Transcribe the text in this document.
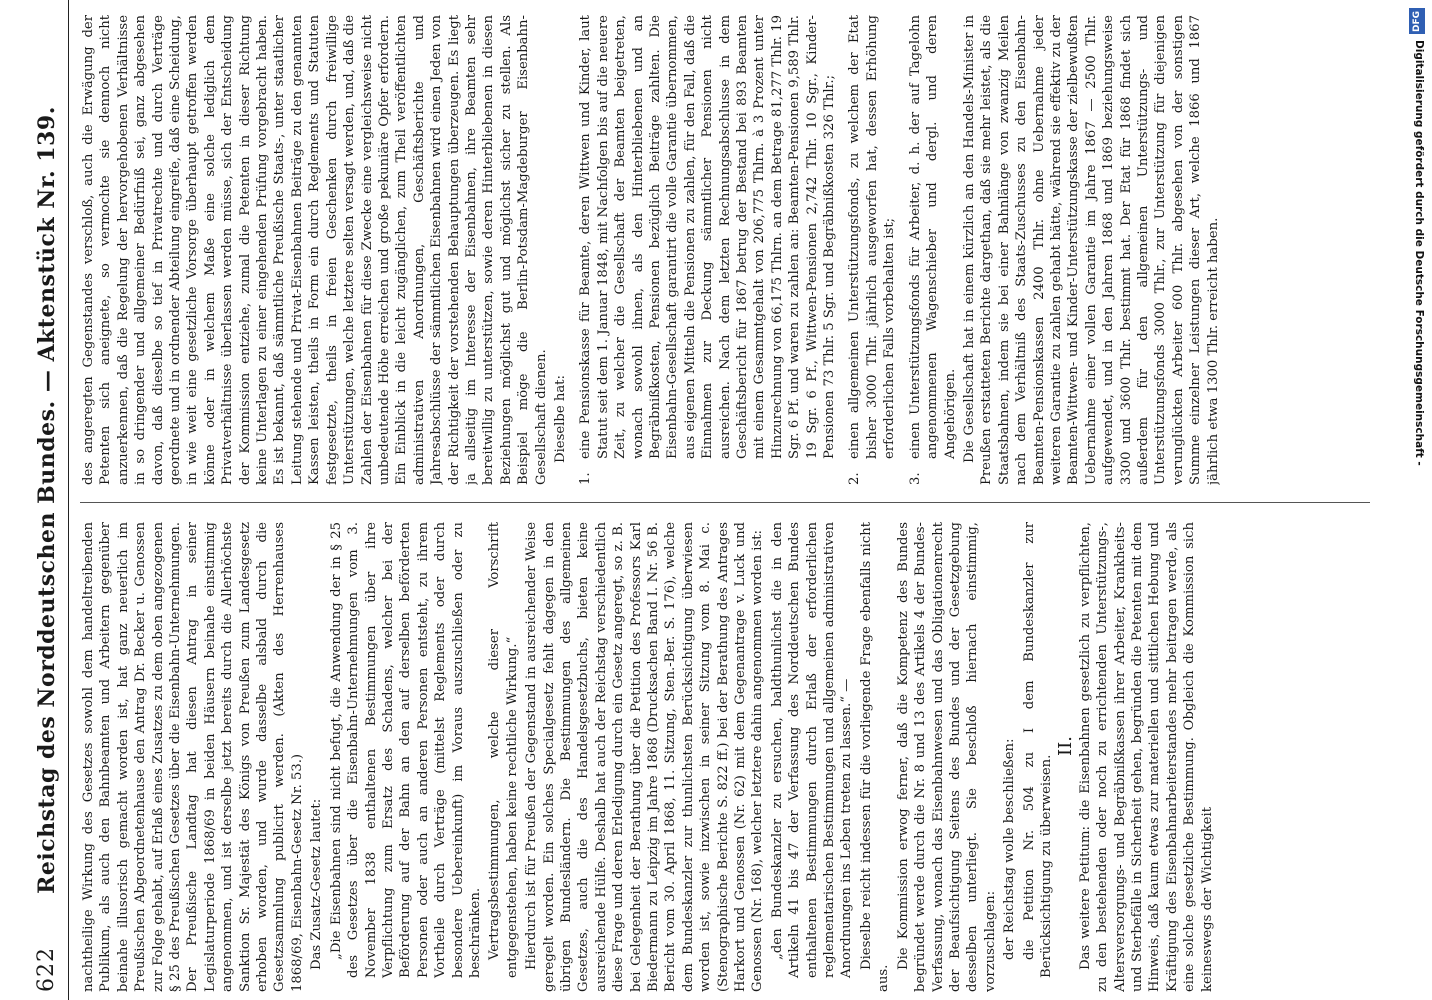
622
Reichstag des Norddeutschen Bundes. — Aktenstück Nr. 139. nachtheilige Wirkung des Gesetzes sowohl dem handeltreibenden Publikum, als auch den Bahnbeamten und Arbeitern gegenüber beinahe illusorisch gemacht worden ist, hat ganz neuerlich im Preußischen Abgeordnetenhause den Antrag Dr. Becker u. Genossen zur Folge gehabt, auf Erlaß eines Zusatzes zu dem oben angezogenen § 25 des Preußischen Gesetzes über die Eisenbahn-Unternehmungen. Der Preußische Landtag hat diesen Antrag in seiner Legislaturperiode 1868/69 in beiden Häusern beinahe einstimmig angenommen, und ist derselbe jetzt bereits durch die Allerhöchste Sanktion Sr. Majestät des Königs von Preußen zum Landesgesetz erhoben worden, und wurde dasselbe alsbald durch die Gesetzsammlung publicirt werden. (Akten des Herrenhauses 1868/69, Eisenbahn-Gesetz Nr. 53.) Das Zusatz-Gesetz lautet: „Die Eisenbahnen sind nicht befugt, die Anwendung der in § 25 des Gesetzes über die Eisenbahn-Unternehmungen vom 3. November 1838 enthaltenen Bestimmungen über ihre Verpflichtung zum Ersatz des Schadens, welcher bei der Beförderung auf der Bahn an den auf derselben beförderten Personen oder auch an anderen Personen entsteht, zu ihrem Vortheile durch Verträge (mittelst Reglements oder durch besondere Uebereinkunft) im Voraus auszuschließen oder zu beschränken. Vertragsbestimmungen, welche dieser Vorschrift entgegenstehen, haben keine rechtliche Wirkung.“ Hierdurch ist für Preußen der Gegenstand in ausreichender Weise geregelt worden. Ein solches Specialgesetz fehlt dagegen in den übrigen Bundesländern. Die Bestimmungen des allgemeinen Gesetzes, auch die des Handelsgesetzbuchs, bieten keine ausreichende Hülfe. Deshalb hat auch der Reichstag verschiedentlich diese Frage und deren Erledigung durch ein Gesetz angeregt, so z. B. bei Gelegenheit der Berathung über die Petition des Professors Karl Biedermann zu Leipzig im Jahre 1868 (Drucksachen Band I. Nr. 56 B. Bericht vom 30. April 1868, 11. Sitzung, Sten.-Ber. S. 176), welche dem Bundeskanzler zur thunlichsten Berücksichtigung überwiesen worden ist, sowie inzwischen in seiner Sitzung vom 8. Mai c. (Stenographische Berichte S. 822 ff.) bei der Berathung des Antrages Harkort und Genossen (Nr. 62) mit dem Gegenantrage v. Luck und Genossen (Nr. 168), welcher letztere dahin angenommen worden ist: „den Bundeskanzler zu ersuchen, baldthunlichst die in den Artikeln 41 bis 47 der Verfassung des Norddeutschen Bundes enthaltenen Bestimmungen durch Erlaß der erforderlichen reglementarischen Bestimmungen und allgemeinen administrativen Anordnungen ins Leben treten zu lassen.“ — Dieselbe reicht indessen für die vorliegende Frage ebenfalls nicht aus.

Die Kommission erwog ferner, daß die Kompetenz des Bundes begründet werde durch die Nr. 8 und 13 des Artikels 4 der Bundes-Verfassung, wonach das Eisenbahnwesen und das Obligationenrecht der Beaufsichtigung Seitens des Bundes und der Gesetzgebung desselben unterliegt. Sie beschloß hiernach einstimmig, vorzuschlagen: der Reichstag wolle beschließen: die Petition Nr. 504 zu I dem Bundeskanzler zur Berücksichtigung zu überweisen.

II. Das weitere Petitum: die Eisenbahnen gesetzlich zu verpflichten, zu den bestehenden oder noch zu errichtenden Unterstützungs-, Altersversorgungs- und Begräbnißkassen ihrer Arbeiter, Krankheits- und Sterbefälle in Sicherheit gehen, begründen die Petenten mit dem Hinweis, daß kaum etwas zur materiellen und sittlichen Hebung und Kräftigung des Eisenbahnarbeiterstandes mehr beitragen werde, als eine solche gesetzliche Bestimmung. Obgleich die Kommission sich keineswegs der Wichtigkeit

des angeregten Gegenstandes verschloß, auch die Erwägung der Petenten sich aneignete, so vermochte sie dennoch nicht anzuerkennen, daß die Regelung der hervorgehobenen Verhältnisse in so dringender und allgemeiner Bedürfniß sei, ganz abgesehen davon, daß dieselbe so tief in Privatrechte und durch Verträge geordnete und in ordnender Abteilung eingreife, daß eine Scheidung, in wie weit eine gesetzliche Vorsorge überhaupt getroffen werden könne oder in welchem Maße eine solche lediglich dem Privatverhältnisse überlassen werden müsse, sich der Entscheidung der Kommission entziehe, zumal die Petenten in dieser Richtung keine Unterlagen zu einer eingehenden Prüfung vorgebracht haben. Es ist bekannt, daß sämmtliche Preußische Staats-, unter staatlicher Leitung stehende und Privat-Eisenbahnen Beiträge zu den genannten Kassen leisten, theils in Form ein durch Reglements und Statuten festgesetzte, theils in freien Geschenken durch freiwillige Unterstützungen, welche letztere selten versagt werden, und, daß die Zahlen der Eisenbahnen für diese Zwecke eine vergleichsweise nicht unbedeutende Höhe erreichen und große pekuniäre Opfer erfordern. Ein Einblick in die leicht zugänglichen, zum Theil veröffentlichten administrativen Anordnungen, Geschäftsberichte und Jahresabschlüsse der sämmtlichen Eisenbahnen wird einen Jeden von der Richtigkeit der vorstehenden Behauptungen überzeugen. Es liegt ja allseitig im Interesse der Eisenbahnen, ihre Beamten sehr bereitwillig zu unterstützen, sowie deren Hinterbliebenen in diesen Beziehungen möglichst gut und möglichst sicher zu stellen. Als Beispiel möge die Berlin-Potsdam-Magdeburger Eisenbahn-Gesellschaft dienen. Dieselbe hat:

1.
eine Pensionskasse für Beamte, deren Wittwen und Kinder, laut Statut seit dem 1. Januar 1848, mit Nachfolgen bis auf die neuere Zeit, zu welcher die Gesellschaft der Beamten beigetreten, wonach sowohl ihnen, als den Hinterbliebenen und an Begräbnißkosten, Pensionen bezüglich Beiträge zahlten. Die Eisenbahn-Gesellschaft garantirt die volle Garantie übernommen, aus eigenen Mitteln die Pensionen zu zahlen, für den Fall, daß die Einnahmen zur Deckung sämmtlicher Pensionen nicht ausreichen. Nach dem letzten Rechnungsabschlusse in dem Geschäftsbericht für 1867 betrug der Bestand bei 893 Beamten mit einem Gesammtgehalt von 206,775 Thlrn. à 3 Prozent unter Hinzurechnung von 66,175 Thlrn. an dem Betrage 81,277 Thlr. 19 Sgr. 6 Pf. und waren zu zahlen an: Beamten-Pensionen 9,589 Thlr. 19 Sgr. 6 Pf., Wittwen-Pensionen 2,742 Thlr. 10 Sgr., Kinder-Pensionen 73 Thlr. 5 Sgr. und Begräbnißkosten 326 Thlr.;
2.
einen allgemeinen Unterstützungsfonds, zu welchem der Etat bisher 3000 Thlr. jährlich ausgeworfen hat, dessen Erhöhung erforderlichen Falls vorbehalten ist;
3.
einen Unterstützungsfonds für Arbeiter, d. h. der auf Tagelohn angenommenen Wagenschieber und dergl. und deren Angehörigen. Die Gesellschaft hat in einem kürzlich an den Handels-Minister in Preußen erstatteten Berichte dargethan, daß sie mehr leistet, als die Staatsbahnen, indem sie bei einer Bahnlänge von zwanzig Meilen nach dem Verhältniß des Staats-Zuschusses zu den Eisenbahn-Beamten-Pensionskassen 2400 Thlr. ohne Uebernahme jeder weiteren Garantie zu zahlen gehabt hätte, während sie effektiv zu der Beamten-Wittwen- und Kinder-Unterstützungskasse der zielbewußten Uebernahme einer vollen Garantie im Jahre 1867 — 2500 Thlr. aufgewendet, und in den Jahren 1868 und 1869 beziehungsweise 3300 und 3600 Thlr. bestimmt hat. Der Etat für 1868 findet sich außerdem für den allgemeinen Unterstützungs- und Unterstützungsfonds 3000 Thlr., zur Unterstützung für diejenigen verunglückten Arbeiter 600 Thlr. abgesehen von der sonstigen Summe einzelner Leistungen dieser Art, welche 1866 und 1867 jährlich etwa 1300 Thlr. erreicht haben.

DFG
Digitalisierung gefördert durch die Deutsche Forschungsgemeinschaft -
